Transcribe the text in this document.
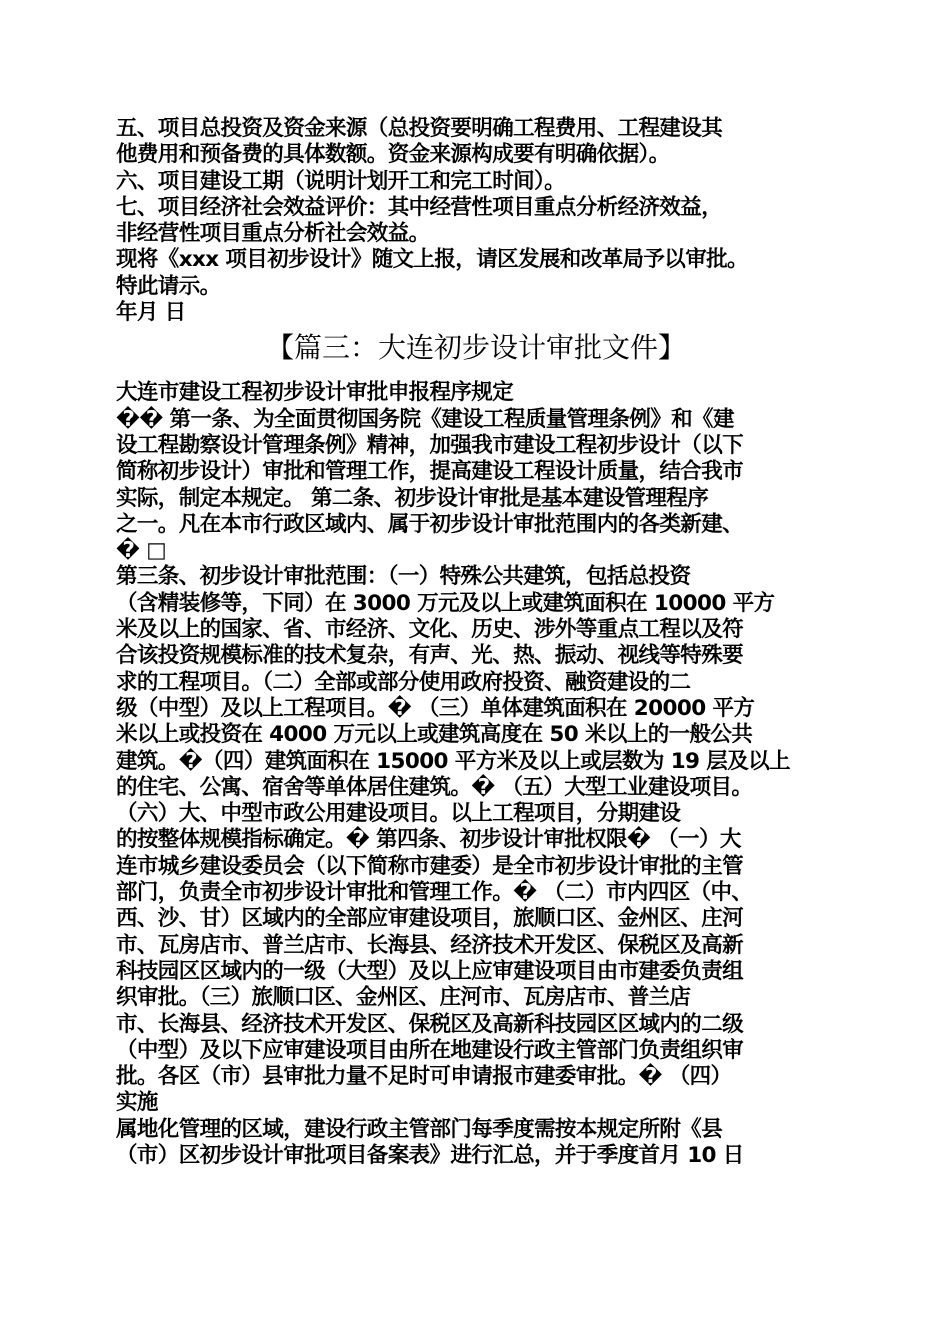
五、项目总投资及资金来源（总投资要明确工程费用、工程建设其
他费用和预备费的具体数额。资金来源构成要有明确依据）。
六、项目建设工期（说明计划开工和完工时间）。
七、项目经济社会效益评价：其中经营性项目重点分析经济效益，
非经营性项目重点分析社会效益。
现将《xxx 项目初步设计》随文上报，请区发展和改革局予以审批。
特此请示。
年月 日
【篇三：大连初步设计审批文件】
大连市建设工程初步设计审批申报程序规定
�� 第一条、为全面贯彻国务院《建设工程质量管理条例》和《建
设工程勘察设计管理条例》精神，加强我市建设工程初步设计（以下
简称初步设计）审批和管理工作，提高建设工程设计质量，结合我市
实际，制定本规定。 第二条、初步设计审批是基本建设管理程序
之一。凡在本市行政区域内、属于初步设计审批范围内的各类新建、
� □
第三条、初步设计审批范围：（一）特殊公共建筑，包括总投资
（含精装修等，下同）在 3000 万元及以上或建筑面积在 10000 平方
米及以上的国家、省、市经济、文化、历史、涉外等重点工程以及符
合该投资规模标准的技术复杂，有声、光、热、振动、视线等特殊要
求的工程项目。（二）全部或部分使用政府投资、融资建设的二
级（中型）及以上工程项目。� （三）单体建筑面积在 20000 平方
米以上或投资在 4000 万元以上或建筑高度在 50 米以上的一般公共
建筑。�（四）建筑面积在 15000 平方米及以上或层数为 19 层及以上
的住宅、公寓、宿舍等单体居住建筑。� （五）大型工业建设项目。
（六）大、中型市政公用建设项目。以上工程项目，分期建设
的按整体规模指标确定。� 第四条、初步设计审批权限� （一）大
连市城乡建设委员会（以下简称市建委）是全市初步设计审批的主管
部门，负责全市初步设计审批和管理工作。� （二）市内四区（中、
西、沙、甘）区域内的全部应审建设项目，旅顺口区、金州区、庄河
市、瓦房店市、普兰店市、长海县、经济技术开发区、保税区及高新
科技园区区域内的一级（大型）及以上应审建设项目由市建委负责组
织审批。（三）旅顺口区、金州区、庄河市、瓦房店市、普兰店
市、长海县、经济技术开发区、保税区及高新科技园区区域内的二级
（中型）及以下应审建设项目由所在地建设行政主管部门负责组织审
批。各区（市）县审批力量不足时可申请报市建委审批。� （四）
实施
属地化管理的区域，建设行政主管部门每季度需按本规定所附《县
（市）区初步设计审批项目备案表》进行汇总，并于季度首月 10 日
